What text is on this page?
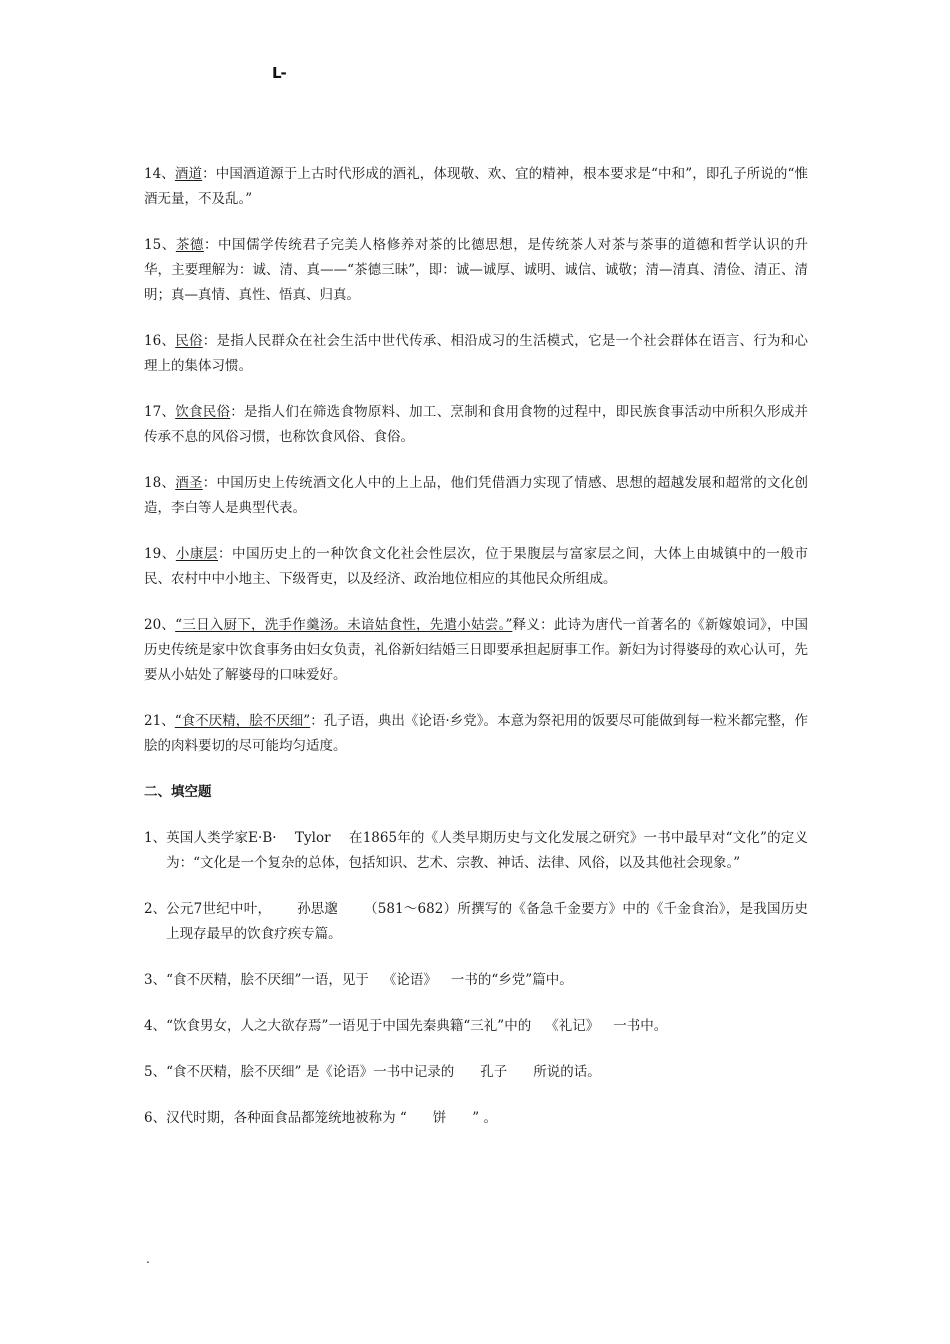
L-

14、酒道：中国酒道源于上古时代形成的酒礼，体现敬、欢、宜的精神，根本要求是“中和”，即孔子所说的“惟酒无量，不及乱。”

15、茶德：中国儒学传统君子完美人格修养对茶的比德思想，是传统茶人对茶与茶事的道德和哲学认识的升华，主要理解为：诚、清、真——“茶德三昧”，即：诚—诚厚、诚明、诚信、诚敬；清—清真、清俭、清正、清明；真—真情、真性、悟真、归真。

16、民俗：是指人民群众在社会生活中世代传承、相沿成习的生活模式，它是一个社会群体在语言、行为和心理上的集体习惯。

17、饮食民俗：是指人们在筛选食物原料、加工、烹制和食用食物的过程中，即民族食事活动中所积久形成并传承不息的风俗习惯，也称饮食风俗、食俗。

18、酒圣：中国历史上传统酒文化人中的上上品，他们凭借酒力实现了情感、思想的超越发展和超常的文化创造，李白等人是典型代表。

19、小康层：中国历史上的一种饮食文化社会性层次，位于果腹层与富家层之间，大体上由城镇中的一般市民、农村中中小地主、下级胥吏，以及经济、政治地位相应的其他民众所组成。

20、“三日入厨下，洗手作羹汤。未谙姑食性，先遣小姑尝。”释义：此诗为唐代一首著名的《新嫁娘词》，中国历史传统是家中饮食事务由妇女负责，礼俗新妇结婚三日即要承担起厨事工作。新妇为讨得婆母的欢心认可，先要从小姑处了解婆母的口味爱好。

21、“食不厌精，脍不厌细”：孔子语，典出《论语·乡党》。本意为祭祀用的饭要尽可能做到每一粒米都完整，作脍的肉料要切的尽可能均匀适度。

二、填空题
1、 英国人类学家E·B· Tylor 在1865年的《人类早期历史与文化发展之研究》一书中最早对“文化”的定义为：“文化是一个复杂的总体，包括知识、艺术、宗教、神话、法律、风俗，以及其他社会现象。”
2、 公元7世纪中叶， 孙思邈 （581～682）所撰写的《备急千金要方》中的《千金食治》，是我国历史上现存最早的饮食疗疾专篇。
3、 “食不厌精，脍不厌细”一语，见于 《论语》 一书的“乡党”篇中。
4、 “饮食男女，人之大欲存焉”一语见于中国先秦典籍“三礼”中的 《礼记》 一书中。
5、 “食不厌精，脍不厌细” 是《论语》一书中记录的 孔子 所说的话。
6、 汉代时期，各种面食品都笼统地被称为 “ 饼 ” 。
.
